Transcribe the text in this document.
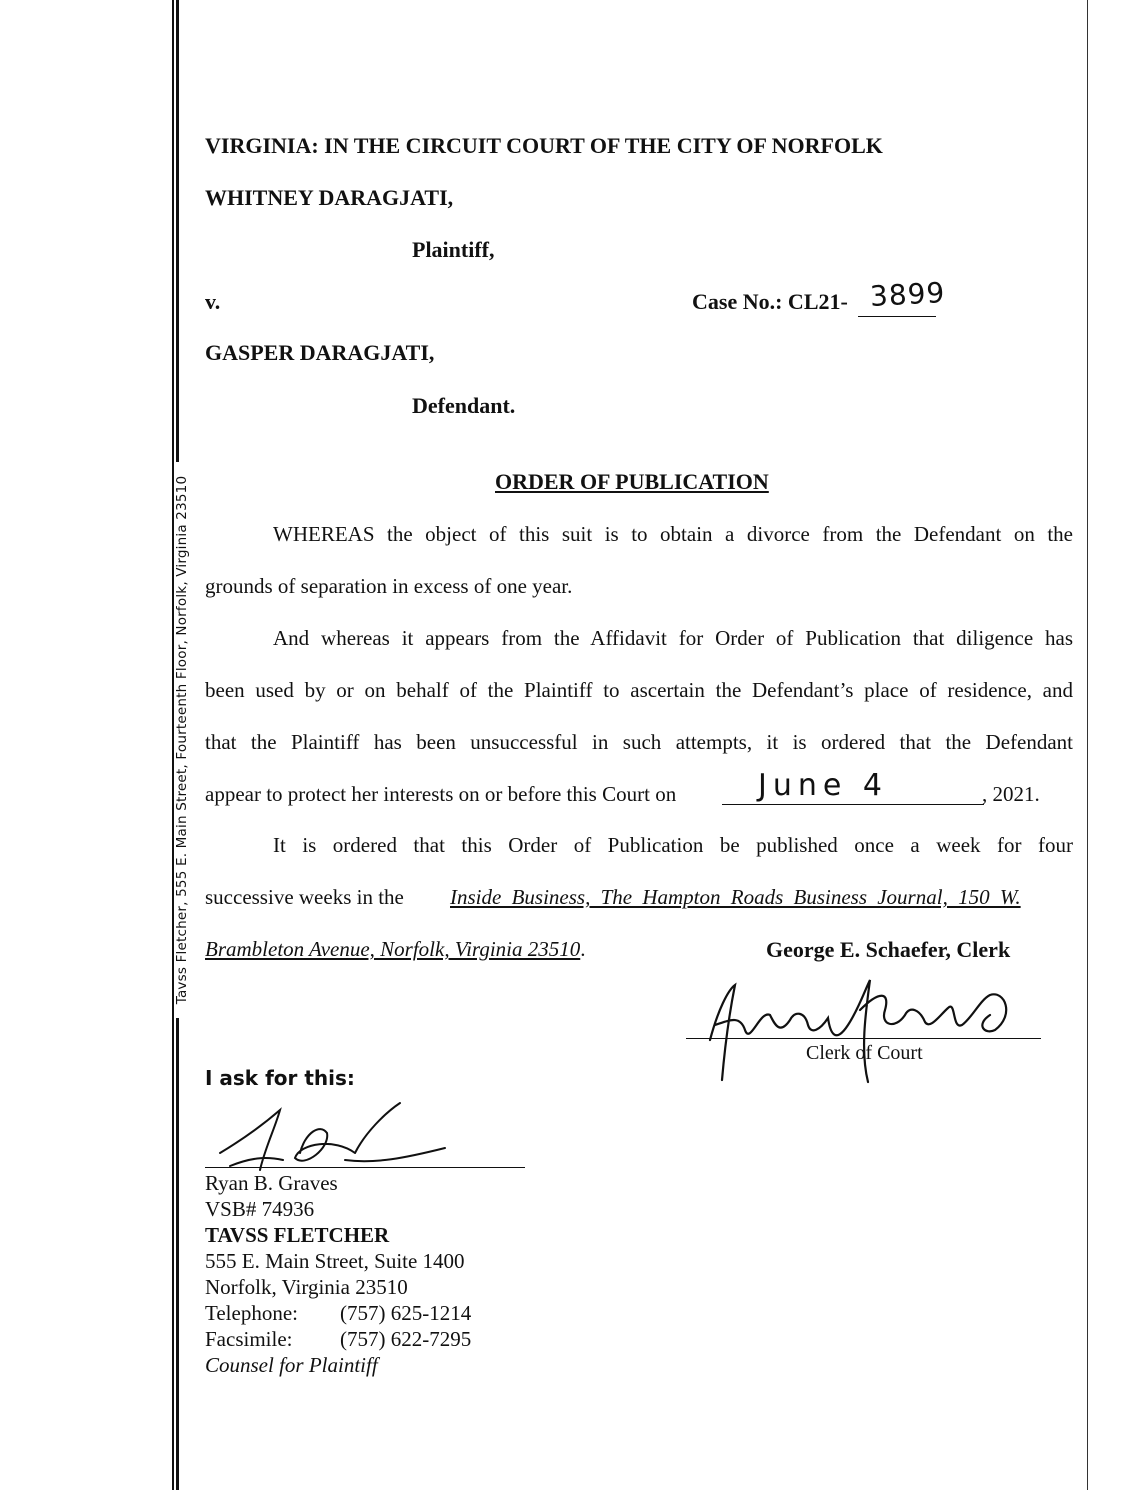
Tavss Fletcher, 555 E. Main Street, Fourteenth Floor, Norfolk, Virginia 23510
VIRGINIA: IN THE CIRCUIT COURT OF THE CITY OF NORFOLK
WHITNEY DARAGJATI,
Plaintiff,
v.	Case No.: CL21- 3899
GASPER DARAGJATI,
Defendant.
ORDER OF PUBLICATION
WHEREAS the object of this suit is to obtain a divorce from the Defendant on the
grounds of separation in excess of one year.
And whereas it appears from the Affidavit for Order of Publication that diligence has
been used by or on behalf of the Plaintiff to ascertain the Defendant’s place of residence, and
that the Plaintiff has been unsuccessful in such attempts, it is ordered that the Defendant
appear to protect her interests on or before this Court on	June 4	, 2021.
It is ordered that this Order of Publication be published once a week for four
successive weeks in the Inside Business, The Hampton Roads Business Journal, 150 W.
Brambleton Avenue, Norfolk, Virginia 23510.	George E. Schaefer, Clerk
Clerk of Court
I ask for this:
Ryan B. Graves
VSB# 74936
TAVSS FLETCHER
555 E. Main Street, Suite 1400
Norfolk, Virginia 23510
Telephone: (757) 625-1214
Facsimile: (757) 622-7295
Counsel for Plaintiff
